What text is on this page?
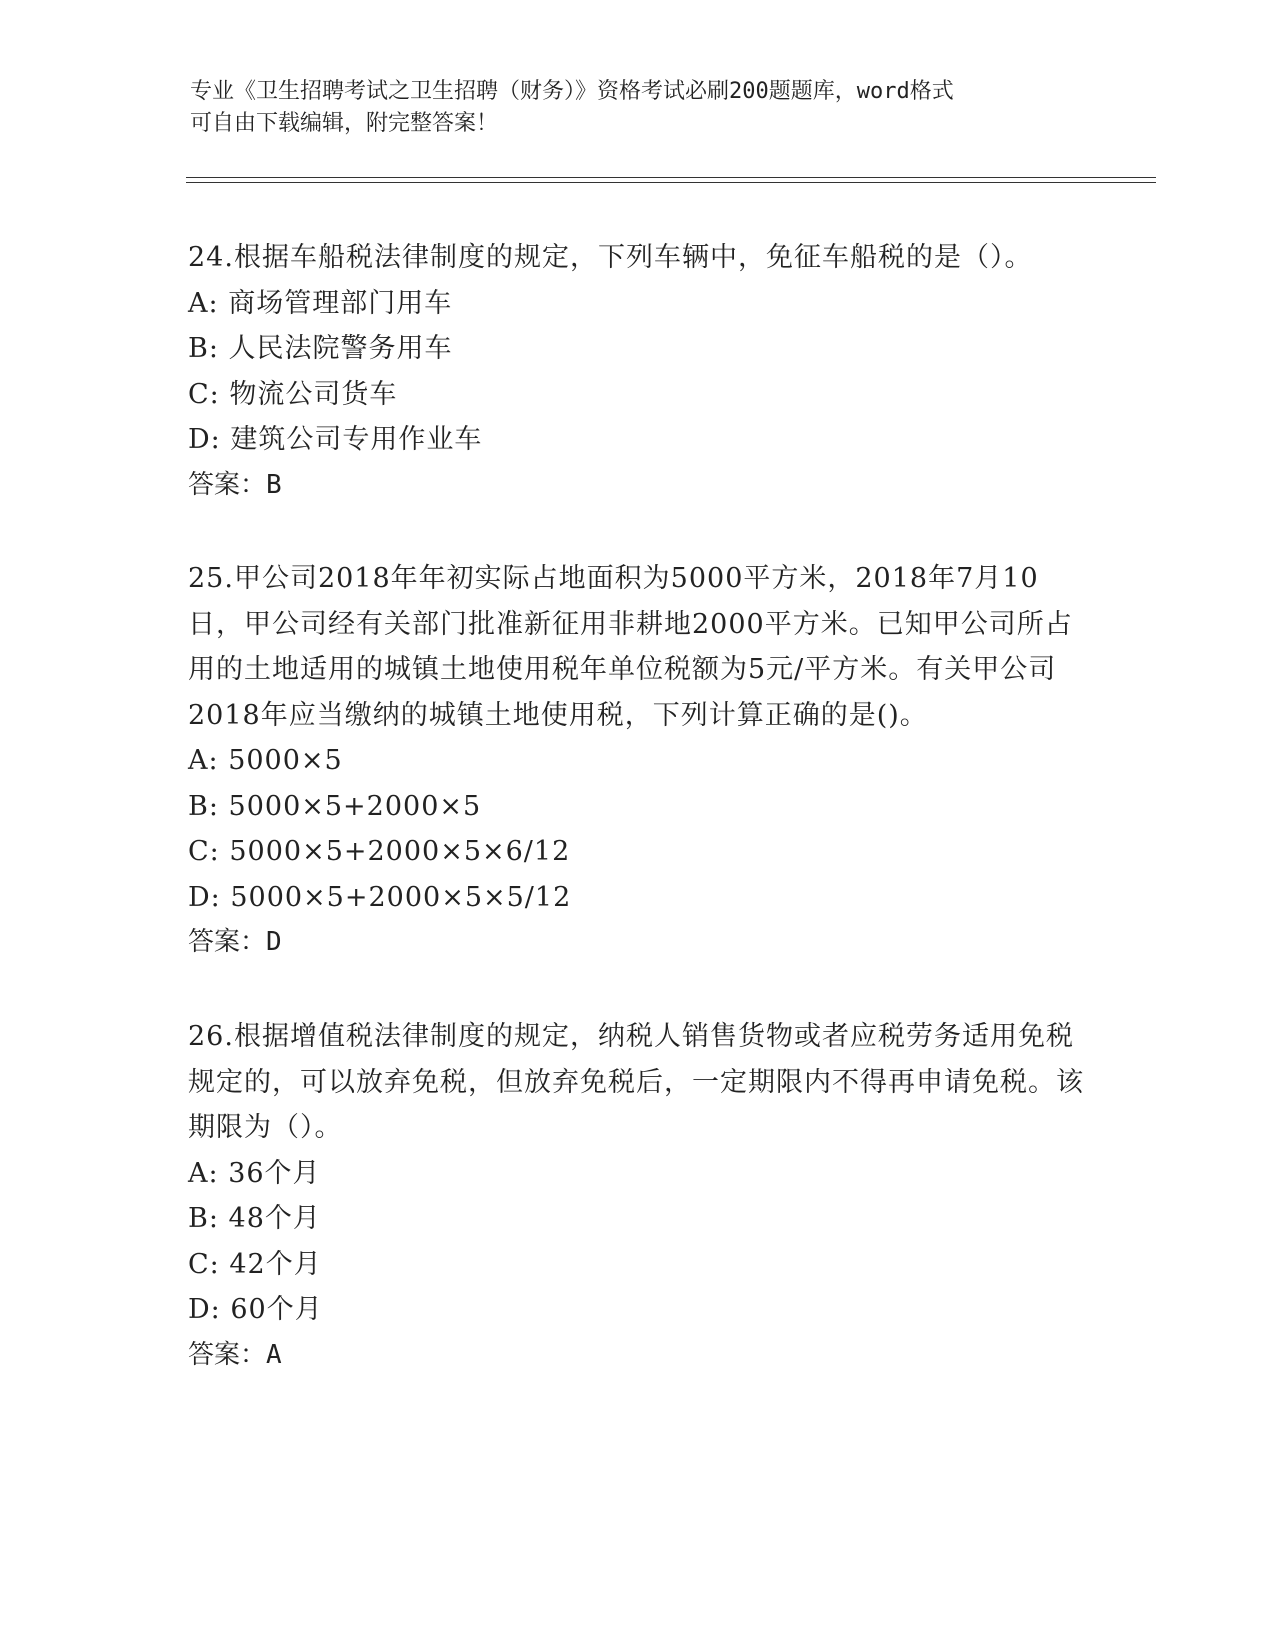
专业《卫生招聘考试之卫生招聘（财务）》资格考试必刷200题题库，word格式
可自由下载编辑，附完整答案！
24.根据车船税法律制度的规定，下列车辆中，免征车船税的是（）。
A: 商场管理部门用车
B: 人民法院警务用车
C: 物流公司货车
D: 建筑公司专用作业车
答案：B
25.甲公司2018年年初实际占地面积为5000平方米，2018年7月10日，甲公司经有关部门批准新征用非耕地2000平方米。已知甲公司所占用的土地适用的城镇土地使用税年单位税额为5元/平方米。有关甲公司2018年应当缴纳的城镇土地使用税，下列计算正确的是()。
A: 5000×5
B: 5000×5+2000×5
C: 5000×5+2000×5×6/12
D: 5000×5+2000×5×5/12
答案：D
26.根据增值税法律制度的规定，纳税人销售货物或者应税劳务适用免税规定的，可以放弃免税，但放弃免税后，一定期限内不得再申请免税。该期限为（）。
A: 36个月
B: 48个月
C: 42个月
D: 60个月
答案：A
